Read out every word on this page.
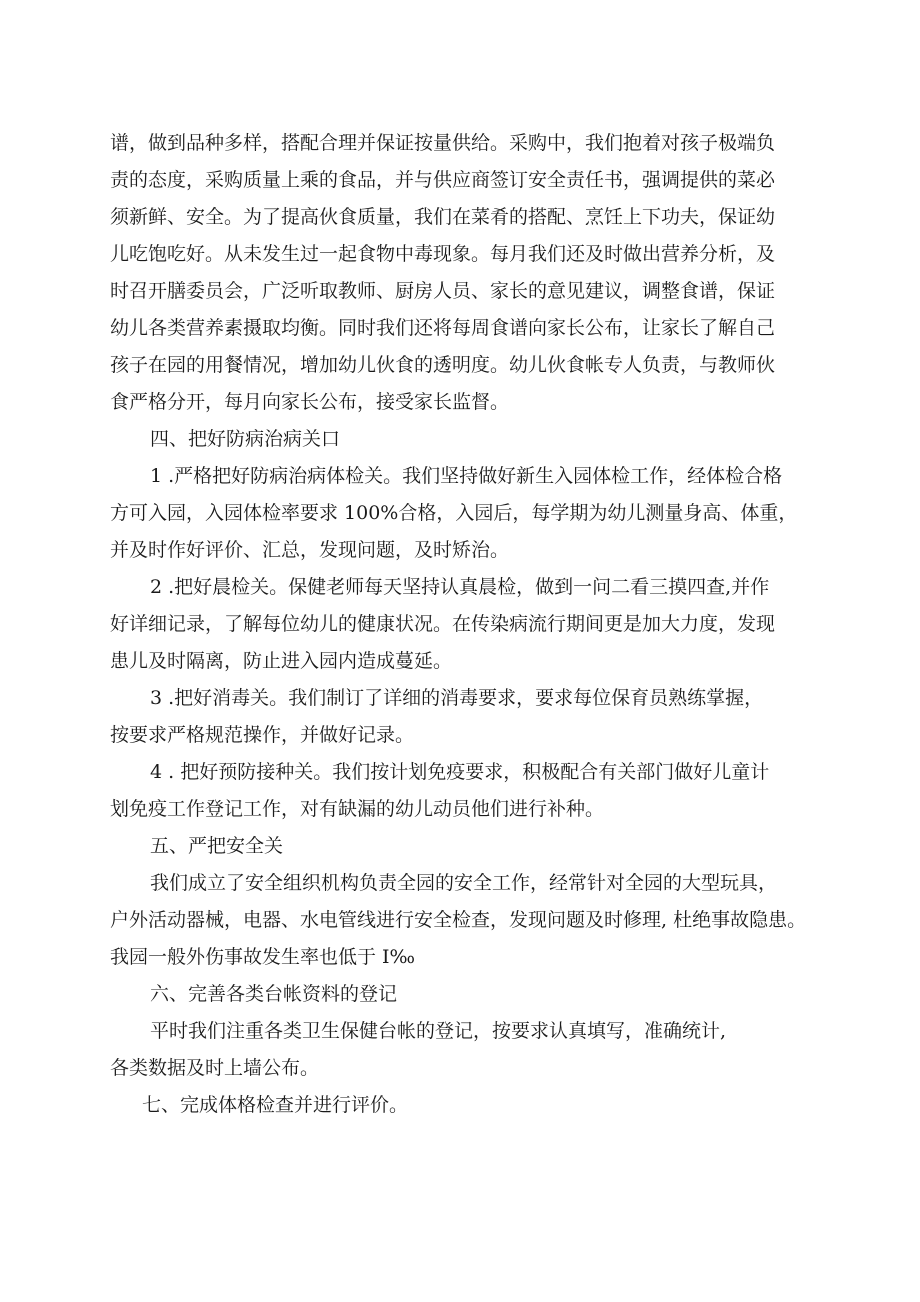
谱，做到品种多样，搭配合理并保证按量供给。采购中，我们抱着对孩子极端负
责的态度，采购质量上乘的食品，并与供应商签订安全责任书，强调提供的菜必
须新鲜、安全。为了提高伙食质量，我们在菜肴的搭配、烹饪上下功夫，保证幼
儿吃饱吃好。从未发生过一起食物中毒现象。每月我们还及时做出营养分析，及
时召开膳委员会，广泛听取教师、厨房人员、家长的意见建议，调整食谱，保证
幼儿各类营养素摄取均衡。同时我们还将每周食谱向家长公布，让家长了解自己
孩子在园的用餐情况，增加幼儿伙食的透明度。幼儿伙食帐专人负责，与教师伙
食严格分开，每月向家长公布，接受家长监督。
四、把好防病治病关口
1 .严格把好防病治病体检关。我们坚持做好新生入园体检工作，经体检合格
方可入园，入园体检率要求 100%合格，入园后，每学期为幼儿测量身高、体重，
并及时作好评价、汇总，发现问题，及时矫治。
2 .把好晨检关。保健老师每天坚持认真晨检，做到一问二看三摸四查,并作
好详细记录，了解每位幼儿的健康状况。在传染病流行期间更是加大力度，发现
患儿及时隔离，防止进入园内造成蔓延。
3 .把好消毒关。我们制订了详细的消毒要求，要求每位保育员熟练掌握，
按要求严格规范操作，并做好记录。
4 . 把好预防接种关。我们按计划免疫要求，积极配合有关部门做好儿童计
划免疫工作登记工作，对有缺漏的幼儿动员他们进行补种。
五、严把安全关
我们成立了安全组织机构负责全园的安全工作，经常针对全园的大型玩具，
户外活动器械，电器、水电管线进行安全检查，发现问题及时修理, 杜绝事故隐患。
我园一般外伤事故发生率也低于 I‰
六、完善各类台帐资料的登记
平时我们注重各类卫生保健台帐的登记，按要求认真填写，准确统计,
各类数据及时上墙公布。
七、完成体格检查并进行评价。
